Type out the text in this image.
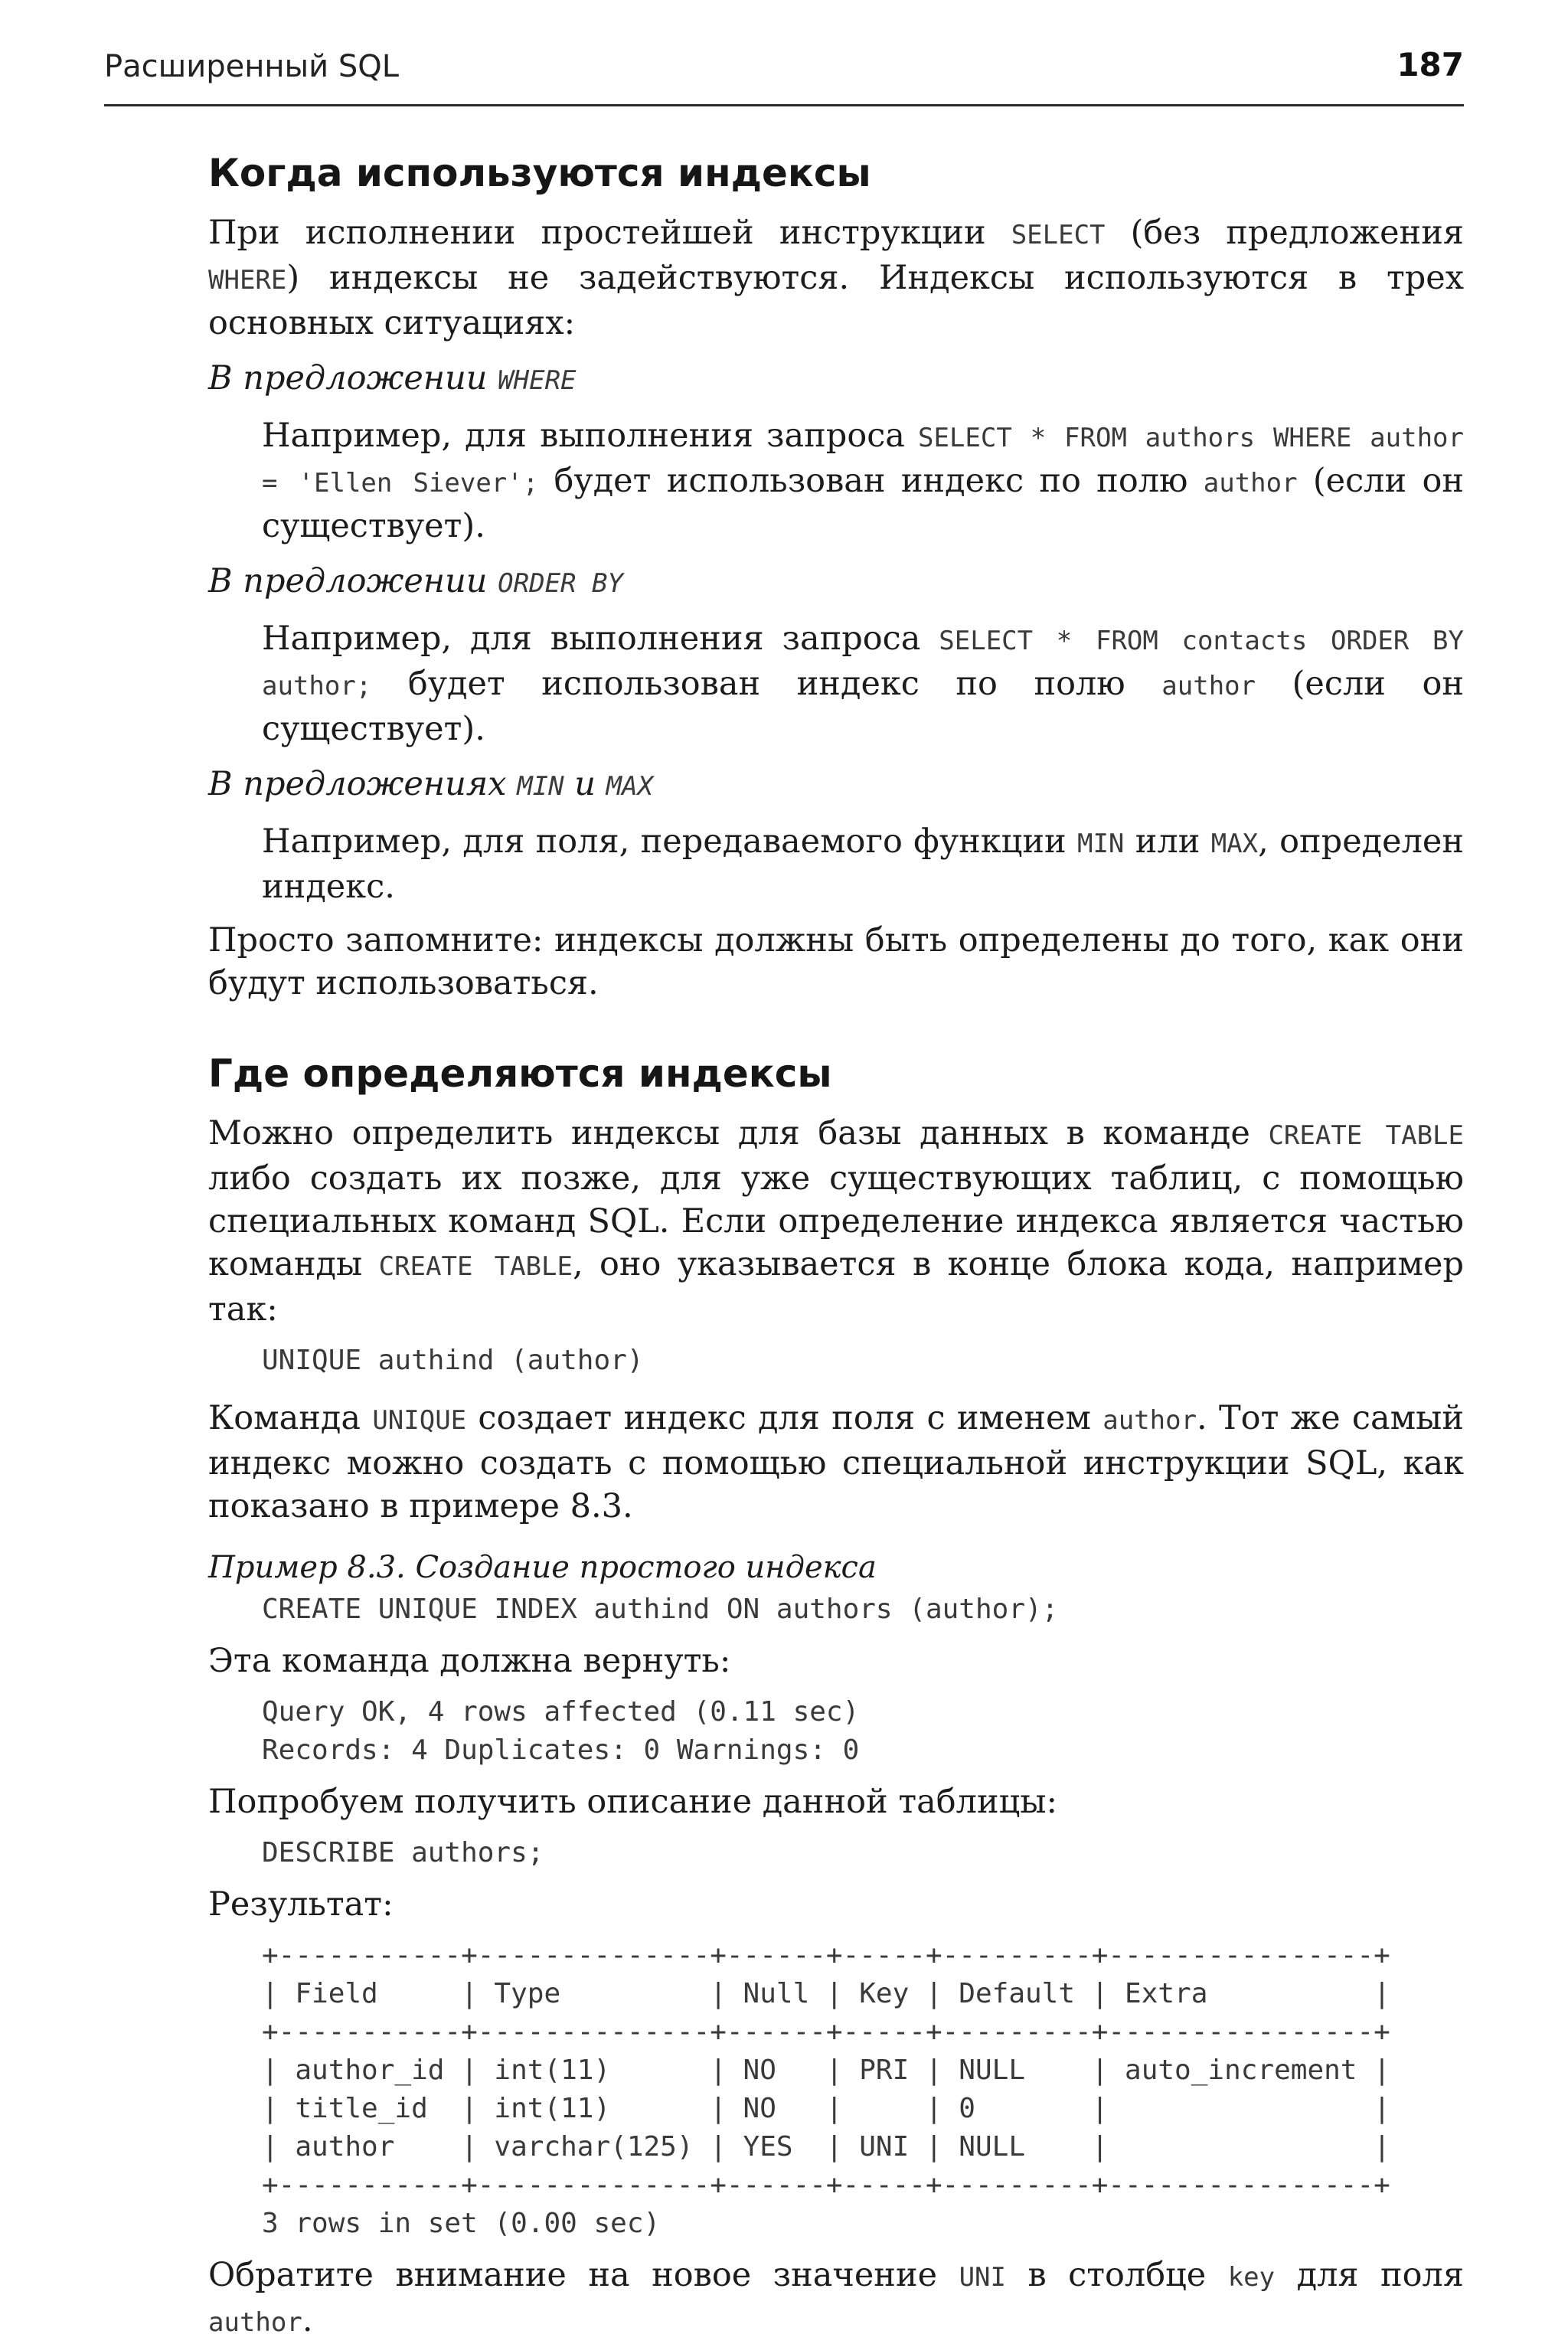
Расширенный SQL	187
Когда используются индексы

При исполнении простейшей инструкции SELECT (без предложения WHERE) индексы не задействуются. Индексы используются в трех основных ситуациях:

В предложении WHERE

Например, для выполнения запроса SELECT * FROM authors WHERE author = 'Ellen Siever'; будет использован индекс по полю author (если он существует).

В предложении ORDER BY

Например, для выполнения запроса SELECT * FROM contacts ORDER BY author; будет использован индекс по полю author (если он существует).

В предложениях MIN и MAX

Например, для поля, передаваемого функции MIN или MAX, определен индекс.

Просто запомните: индексы должны быть определены до того, как они будут использоваться.

Где определяются индексы

Можно определить индексы для базы данных в команде CREATE TABLE либо создать их позже, для уже существующих таблиц, с помощью специальных команд SQL. Если определение индекса является частью команды CREATE TABLE, оно указывается в конце блока кода, например так:

UNIQUE authind (author)

Команда UNIQUE создает индекс для поля с именем author. Тот же самый индекс можно создать с помощью специальной инструкции SQL, как показано в примере 8.3.

Пример 8.3. Создание простого индекса

CREATE UNIQUE INDEX authind ON authors (author);

Эта команда должна вернуть:

Query OK, 4 rows affected (0.11 sec)
Records: 4 Duplicates: 0 Warnings: 0

Попробуем получить описание данной таблицы:

DESCRIBE authors;

Результат:

+-----------+--------------+------+-----+---------+----------------+
| Field     | Type         | Null | Key | Default | Extra          |
+-----------+--------------+------+-----+---------+----------------+
| author_id | int(11)      | NO   | PRI | NULL    | auto_increment |
| title_id  | int(11)      | NO   |     | 0       |                |
| author    | varchar(125) | YES  | UNI | NULL    |                |
+-----------+--------------+------+-----+---------+----------------+
3 rows in set (0.00 sec)

Обратите внимание на новое значение UNI в столбце key для поля author.
